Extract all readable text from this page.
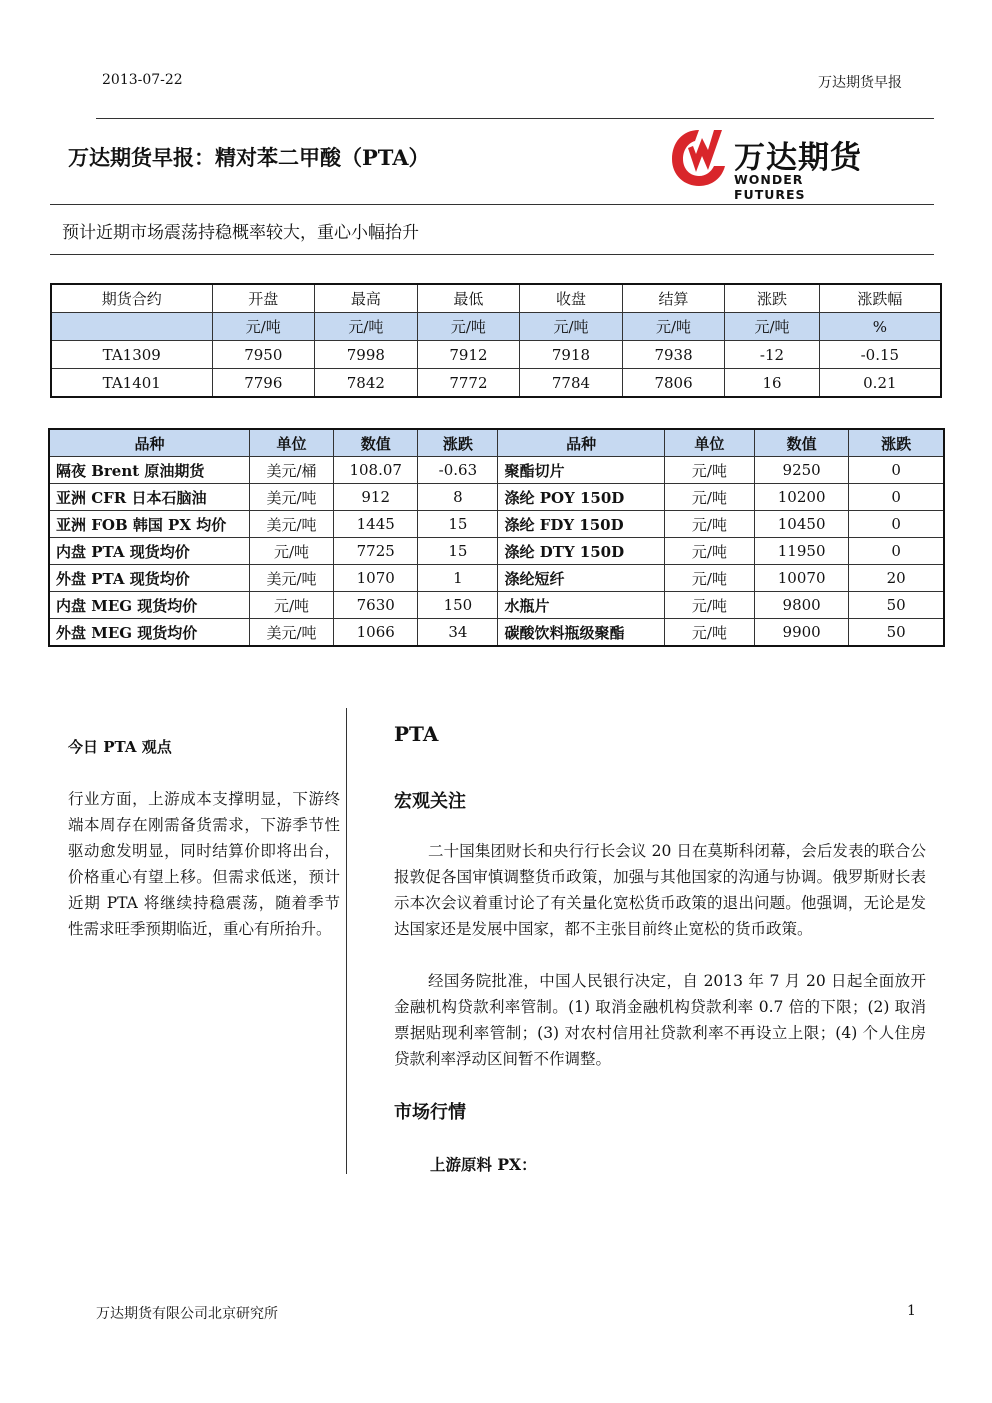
2013-07-22	万达期货早报
万达期货早报：精对苯二甲酸（PTA）	万达期货
WONDER FUTURES
预计近期市场震荡持稳概率较大，重心小幅抬升
期货合约	开盘	最高	最低	收盘	结算	涨跌	涨跌幅
	元/吨	元/吨	元/吨	元/吨	元/吨	元/吨	%
TA1309	7950	7998	7912	7918	7938	-12	-0.15
TA1401	7796	7842	7772	7784	7806	16	0.21
品种	单位	数值	涨跌	品种	单位	数值	涨跌
隔夜 Brent 原油期货	美元/桶	108.07	-0.63	聚酯切片	元/吨	9250	0
亚洲 CFR 日本石脑油	美元/吨	912	8	涤纶 POY 150D	元/吨	10200	0
亚洲 FOB 韩国 PX 均价	美元/吨	1445	15	涤纶 FDY 150D	元/吨	10450	0
内盘 PTA 现货均价	元/吨	7725	15	涤纶 DTY 150D	元/吨	11950	0
外盘 PTA 现货均价	美元/吨	1070	1	涤纶短纤	元/吨	10070	20
内盘 MEG 现货均价	元/吨	7630	150	水瓶片	元/吨	9800	50
外盘 MEG 现货均价	美元/吨	1066	34	碳酸饮料瓶级聚酯	元/吨	9900	50
今日 PTA 观点
行业方面，上游成本支撑明显，下游终端本周存在刚需备货需求，下游季节性驱动愈发明显，同时结算价即将出台，价格重心有望上移。但需求低迷，预计近期 PTA 将继续持稳震荡，随着季节性需求旺季预期临近，重心有所抬升。
PTA
宏观关注
二十国集团财长和央行行长会议 20 日在莫斯科闭幕，会后发表的联合公报敦促各国审慎调整货币政策，加强与其他国家的沟通与协调。俄罗斯财长表示本次会议着重讨论了有关量化宽松货币政策的退出问题。他强调，无论是发达国家还是发展中国家，都不主张目前终止宽松的货币政策。
经国务院批准，中国人民银行决定，自 2013 年 7 月 20 日起全面放开金融机构贷款利率管制。(1) 取消金融机构贷款利率 0.7 倍的下限；(2) 取消票据贴现利率管制；(3) 对农村信用社贷款利率不再设立上限；(4) 个人住房贷款利率浮动区间暂不作调整。
市场行情
上游原料 PX：
万达期货有限公司北京研究所	1
